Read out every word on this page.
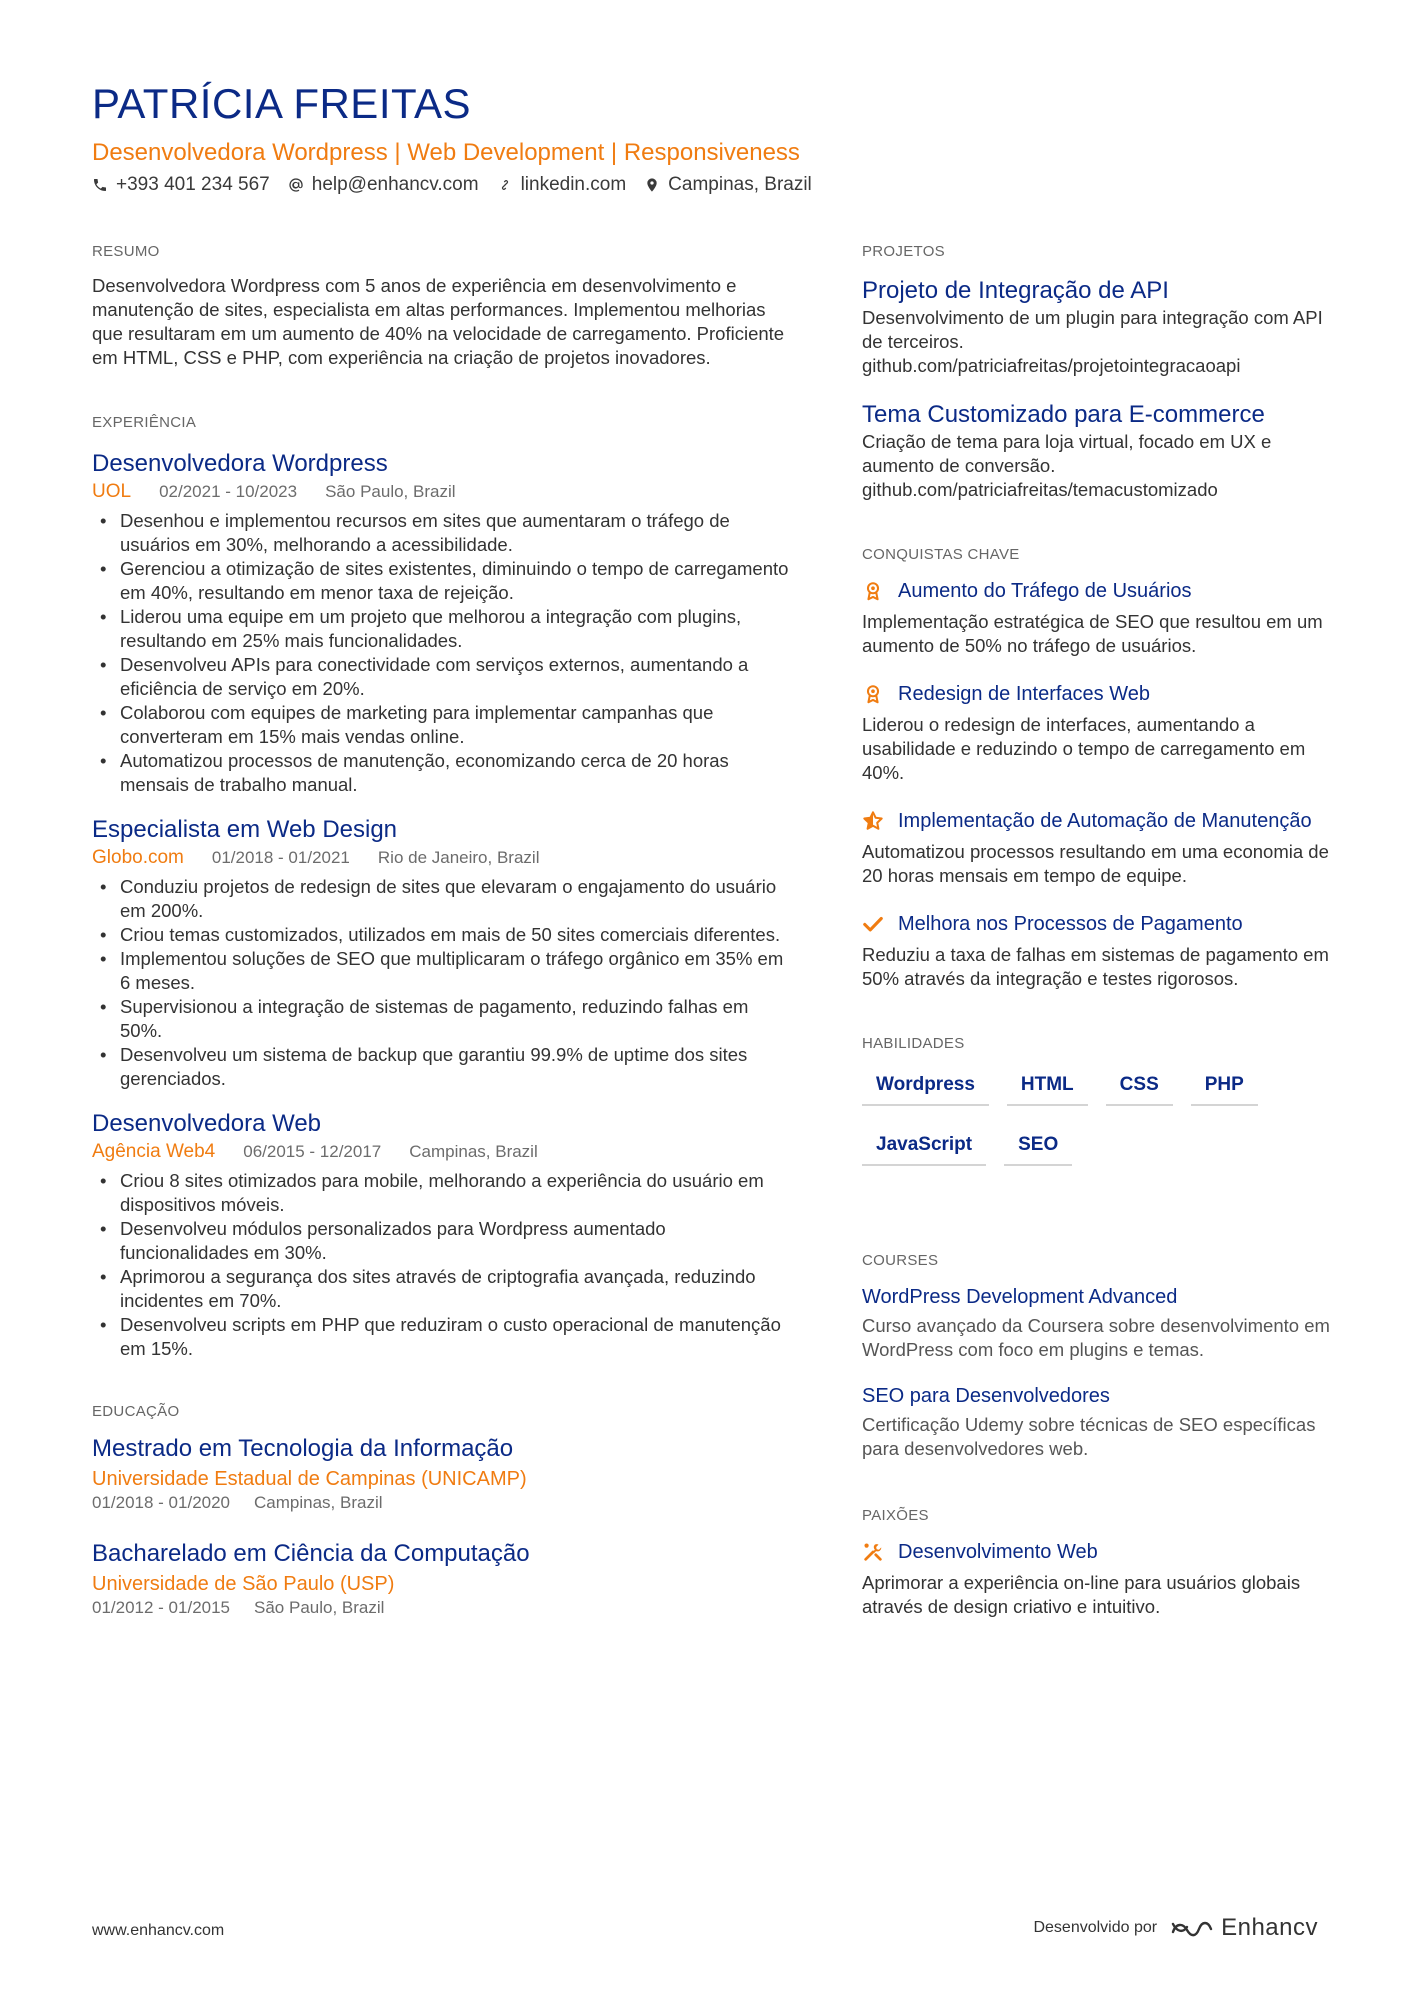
PATRÍCIA FREITAS
Desenvolvedora Wordpress | Web Development | Responsiveness
+393 401 234 567 help@enhancv.com linkedin.com Campinas, Brazil
RESUMO
Desenvolvedora Wordpress com 5 anos de experiência em desenvolvimento e manutenção de sites, especialista em altas performances. Implementou melhorias que resultaram em um aumento de 40% na velocidade de carregamento. Proficiente em HTML, CSS e PHP, com experiência na criação de projetos inovadores.
EXPERIÊNCIA
Desenvolvedora Wordpress
UOL 02/2021 - 10/2023 São Paulo, Brazil
• Desenhou e implementou recursos em sites que aumentaram o tráfego de usuários em 30%, melhorando a acessibilidade.
• Gerenciou a otimização de sites existentes, diminuindo o tempo de carregamento em 40%, resultando em menor taxa de rejeição.
• Liderou uma equipe em um projeto que melhorou a integração com plugins, resultando em 25% mais funcionalidades.
• Desenvolveu APIs para conectividade com serviços externos, aumentando a eficiência de serviço em 20%.
• Colaborou com equipes de marketing para implementar campanhas que converteram em 15% mais vendas online.
• Automatizou processos de manutenção, economizando cerca de 20 horas mensais de trabalho manual.
Especialista em Web Design
Globo.com 01/2018 - 01/2021 Rio de Janeiro, Brazil
• Conduziu projetos de redesign de sites que elevaram o engajamento do usuário em 200%.
• Criou temas customizados, utilizados em mais de 50 sites comerciais diferentes.
• Implementou soluções de SEO que multiplicaram o tráfego orgânico em 35% em 6 meses.
• Supervisionou a integração de sistemas de pagamento, reduzindo falhas em 50%.
• Desenvolveu um sistema de backup que garantiu 99.9% de uptime dos sites gerenciados.
Desenvolvedora Web
Agência Web4 06/2015 - 12/2017 Campinas, Brazil
• Criou 8 sites otimizados para mobile, melhorando a experiência do usuário em dispositivos móveis.
• Desenvolveu módulos personalizados para Wordpress aumentado funcionalidades em 30%.
• Aprimorou a segurança dos sites através de criptografia avançada, reduzindo incidentes em 70%.
• Desenvolveu scripts em PHP que reduziram o custo operacional de manutenção em 15%.
EDUCAÇÃO
Mestrado em Tecnologia da Informação
Universidade Estadual de Campinas (UNICAMP)
01/2018 - 01/2020 Campinas, Brazil
Bacharelado em Ciência da Computação
Universidade de São Paulo (USP)
01/2012 - 01/2015 São Paulo, Brazil
PROJETOS
Projeto de Integração de API
Desenvolvimento de um plugin para integração com API de terceiros.
github.com/patriciafreitas/projetointegracaoapi
Tema Customizado para E-commerce
Criação de tema para loja virtual, focado em UX e aumento de conversão.
github.com/patriciafreitas/temacustomizado
CONQUISTAS CHAVE
Aumento do Tráfego de Usuários
Implementação estratégica de SEO que resultou em um aumento de 50% no tráfego de usuários.
Redesign de Interfaces Web
Liderou o redesign de interfaces, aumentando a usabilidade e reduzindo o tempo de carregamento em 40%.
Implementação de Automação de Manutenção
Automatizou processos resultando em uma economia de 20 horas mensais em tempo de equipe.
Melhora nos Processos de Pagamento
Reduziu a taxa de falhas em sistemas de pagamento em 50% através da integração e testes rigorosos.
HABILIDADES
Wordpress	HTML	CSS	PHP
JavaScript	SEO
COURSES
WordPress Development Advanced
Curso avançado da Coursera sobre desenvolvimento em WordPress com foco em plugins e temas.
SEO para Desenvolvedores
Certificação Udemy sobre técnicas de SEO específicas para desenvolvedores web.
PAIXÕES
Desenvolvimento Web
Aprimorar a experiência on-line para usuários globais através de design criativo e intuitivo.
www.enhancv.com	Desenvolvido por	Enhancv
